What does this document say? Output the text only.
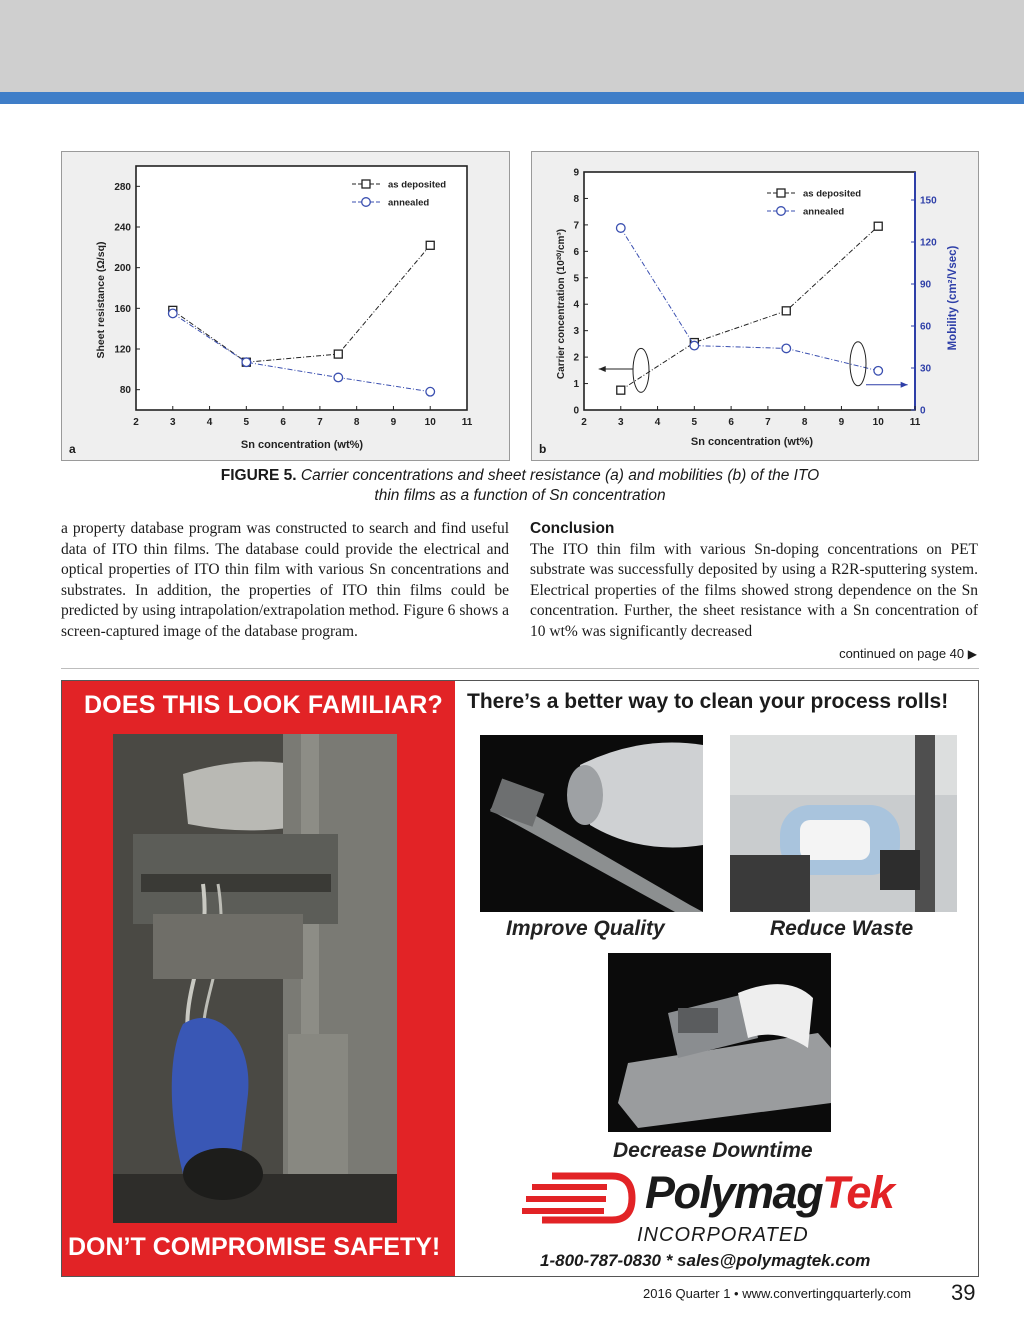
Sheet resistance (Ω/sq)
Sn concentration (wt%)
2	3	4	5	6	7	8	9	10	11
80
120
160
200
240
280	as deposited
annealed
a
Carrier concentration (10²⁰/cm³)	Mobility (cm²/Vsec)
Sn concentration (wt%)
2	3	4	5	6	7	8	9	10	11
0
1
2
3
4
5
6
7
8
9
0
30
60
90
120
150
as deposited
annealed
b
FIGURE 5. Carrier concentrations and sheet resistance (a) and mobilities (b) of the ITO
thin films as a function of Sn concentration

a property database program was constructed to search and find useful data of ITO thin films. The database could provide the electrical and optical properties of ITO thin film with various Sn concentrations and substrates. In addition, the properties of ITO thin films could be predicted by using intrapolation/extrapolation method. Figure 6 shows a screen-captured image of the database program.

Conclusion

The ITO thin film with various Sn-doping concentrations on PET substrate was successfully deposited by using a R2R-sputtering system. Electrical properties of the films showed strong dependence on the Sn concentration. Further, the sheet resistance with a Sn concentration of 10 wt% was significantly decreased

continued on page 40 ▶
DOES THIS LOOK FAMILIAR?
DON’T COMPROMISE SAFETY!
There’s a better way to clean your process rolls!
Improve Quality	Reduce Waste
Decrease Downtime
PolymagTek
INCORPORATED
1-800-787-0830 * sales@polymagtek.com
2016 Quarter 1 • www.convertingquarterly.com 39
